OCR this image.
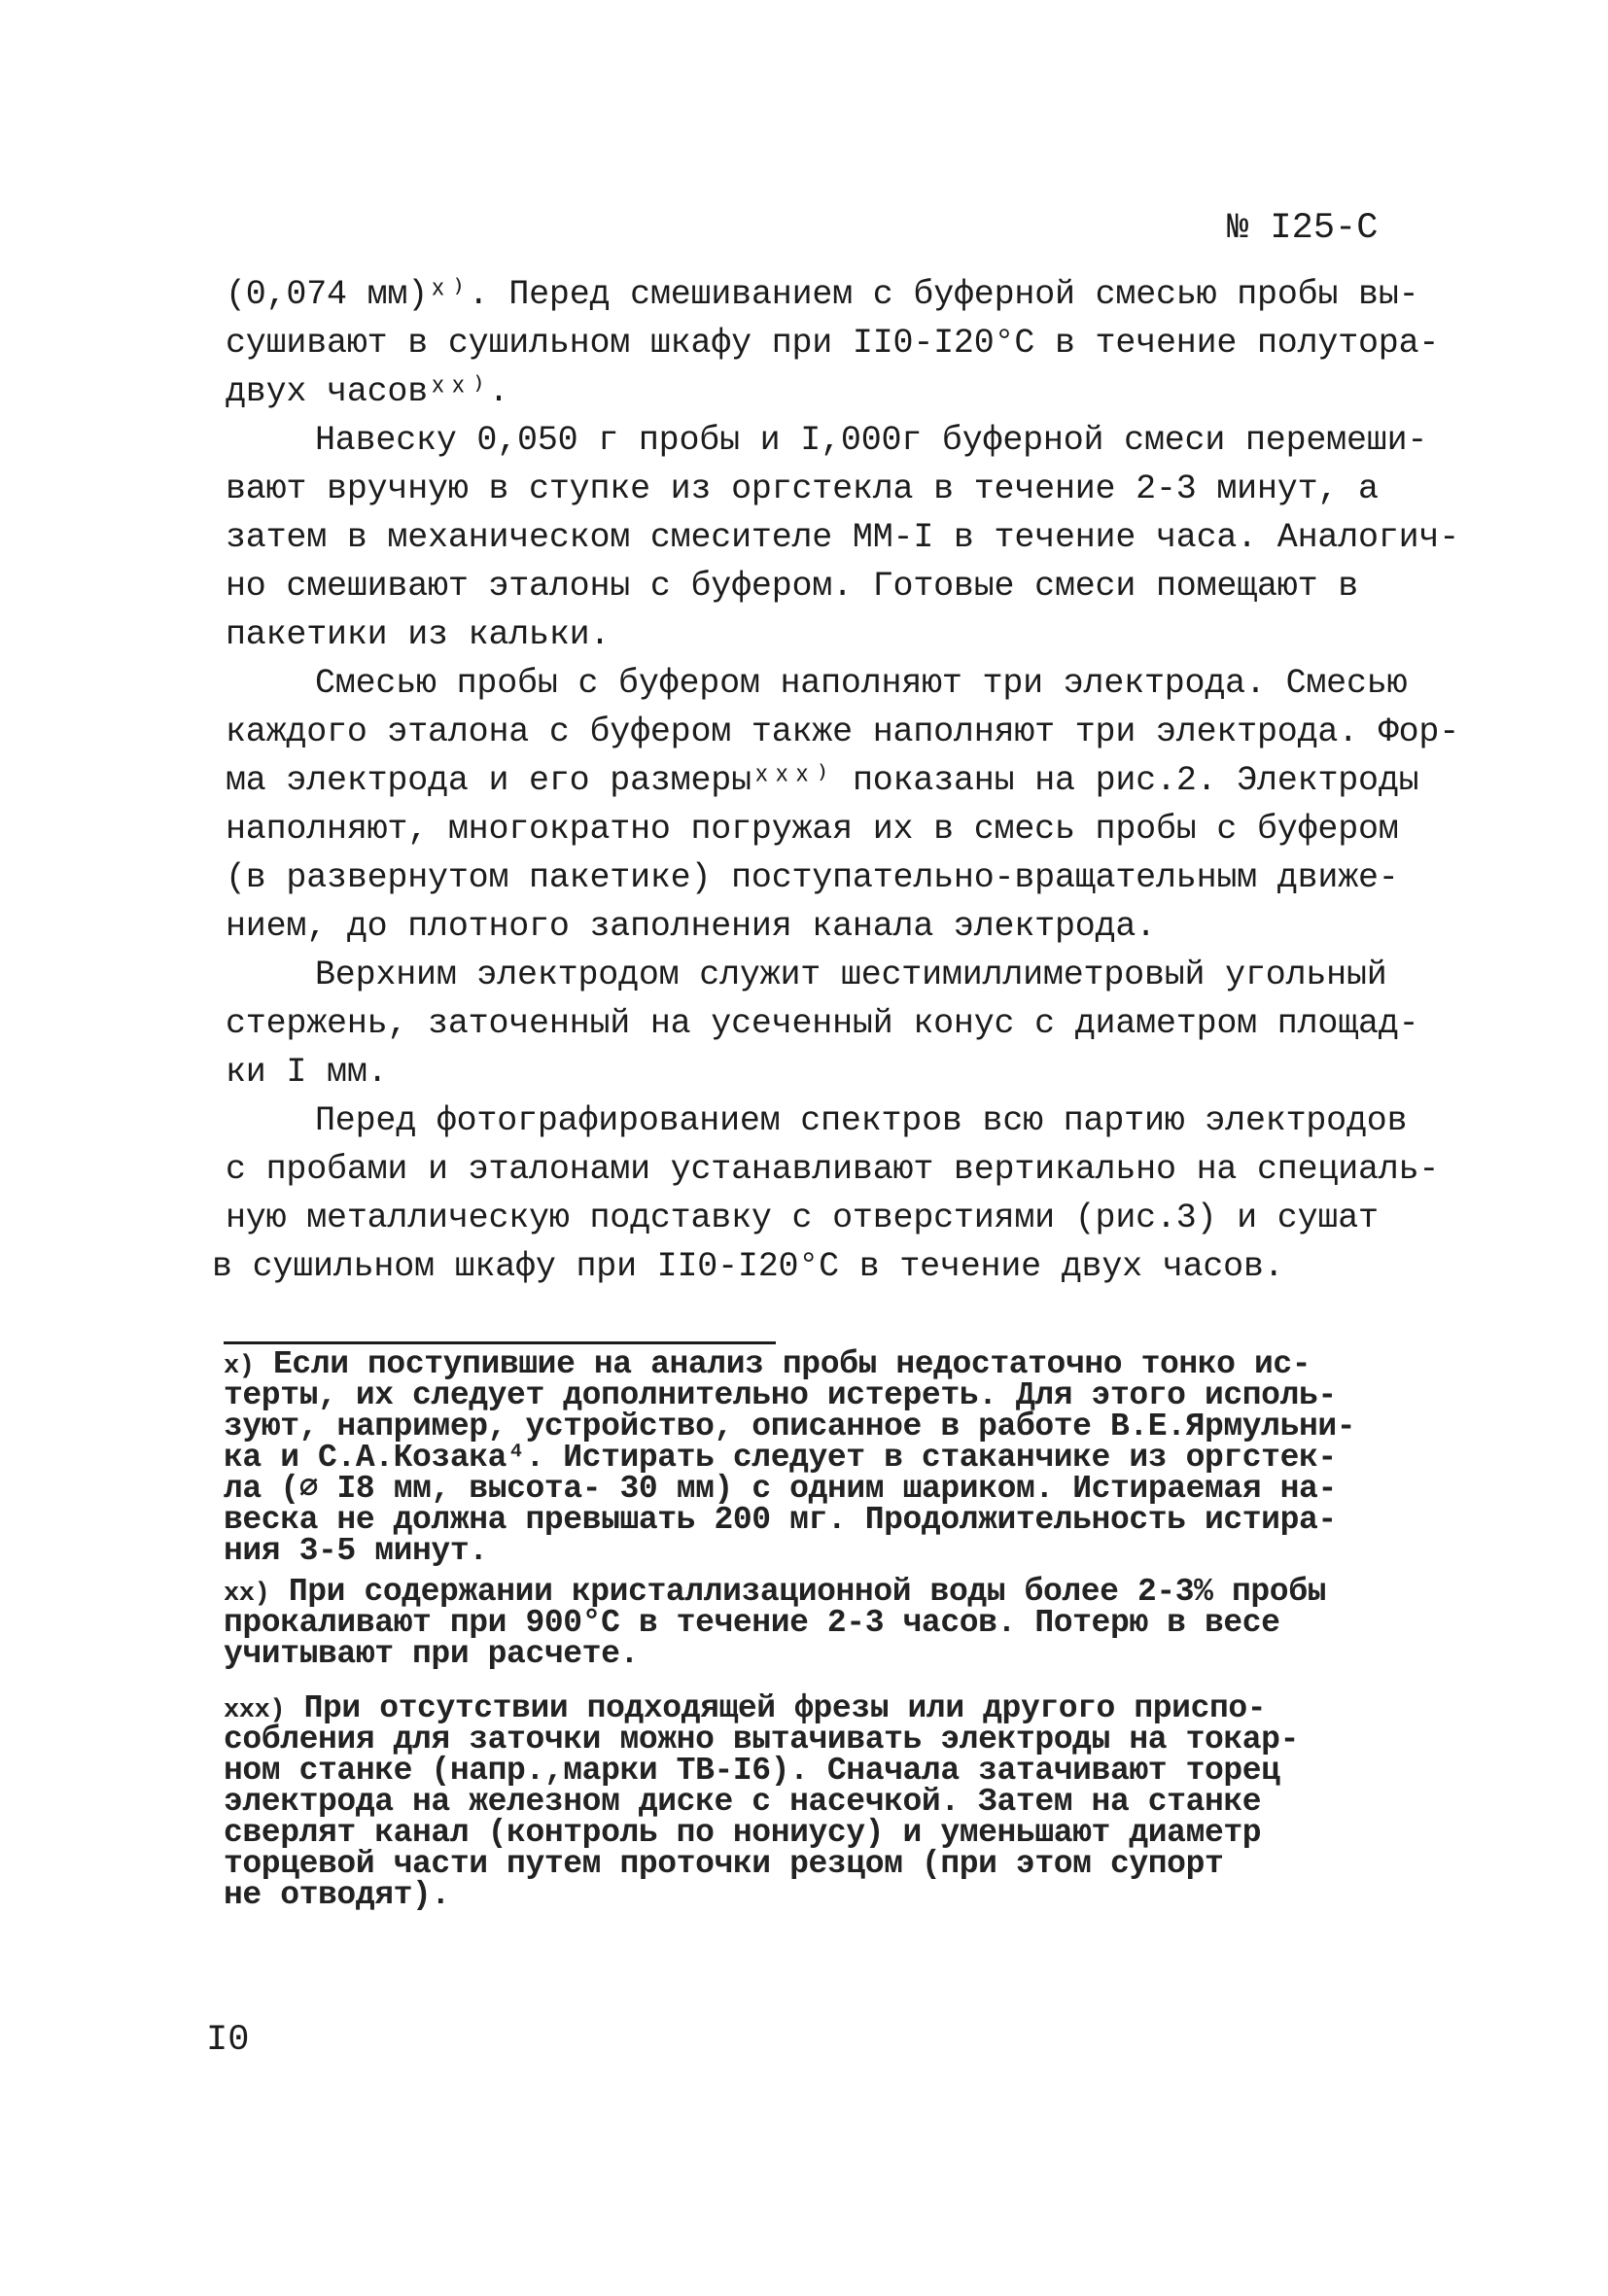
№ I25-С
(0,074 мм)ˣ⁾. Перед смешиванием с буферной смесью пробы вы-
сушивают в сушильном шкафу при II0-I20°С в течение полутора-
двух часовˣˣ⁾.
Навеску 0,050 г пробы и I,000г буферной смеси перемеши-
вают вручную в ступке из оргстекла в течение 2-3 минут, а
затем в механическом смесителе ММ-I в течение часа. Аналогич-
но смешивают эталоны с буфером. Готовые смеси помещают в
пакетики из кальки.
Смесью пробы с буфером наполняют три электрода. Смесью
каждого эталона с буфером также наполняют три электрода. Фор-
ма электрода и его размерыˣˣˣ⁾ показаны на рис.2. Электроды
наполняют, многократно погружая их в смесь пробы с буфером
(в развернутом пакетике) поступательно-вращательным движе-
нием, до плотного заполнения канала электрода.
Верхним электродом служит шестимиллиметровый угольный
стержень, заточенный на усеченный конус с диаметром площад-
ки I мм.
Перед фотографированием спектров всю партию электродов
с пробами и эталонами устанавливают вертикально на специаль-
ную металлическую подставку с отверстиями (рис.3) и сушат
в сушильном шкафу при II0-I20°С в течение двух часов.
x) Если поступившие на анализ пробы недостаточно тонко ис-
терты, их следует дополнительно истереть. Для этого исполь-
зуют, например, устройство, описанное в работе В.Е.Ярмульни-
ка и С.А.Козака⁴. Истирать следует в стаканчике из оргстек-
ла (∅ I8 мм, высота- 30 мм) с одним шариком. Истираемая на-
веска не должна превышать 200 мг. Продолжительность истира-
ния 3-5 минут.
xx) При содержании кристаллизационной воды более 2-3% пробы
прокаливают при 900°С в течение 2-3 часов. Потерю в весе
учитывают при расчете.
xxx) При отсутствии подходящей фрезы или другого приспо-
собления для заточки можно вытачивать электроды на токар-
ном станке (напр.,марки ТВ-I6). Сначала затачивают торец
электрода на железном диске с насечкой. Затем на станке
сверлят канал (контроль по нониусу) и уменьшают диаметр
торцевой части путем проточки резцом (при этом супорт
не отводят).
I0
